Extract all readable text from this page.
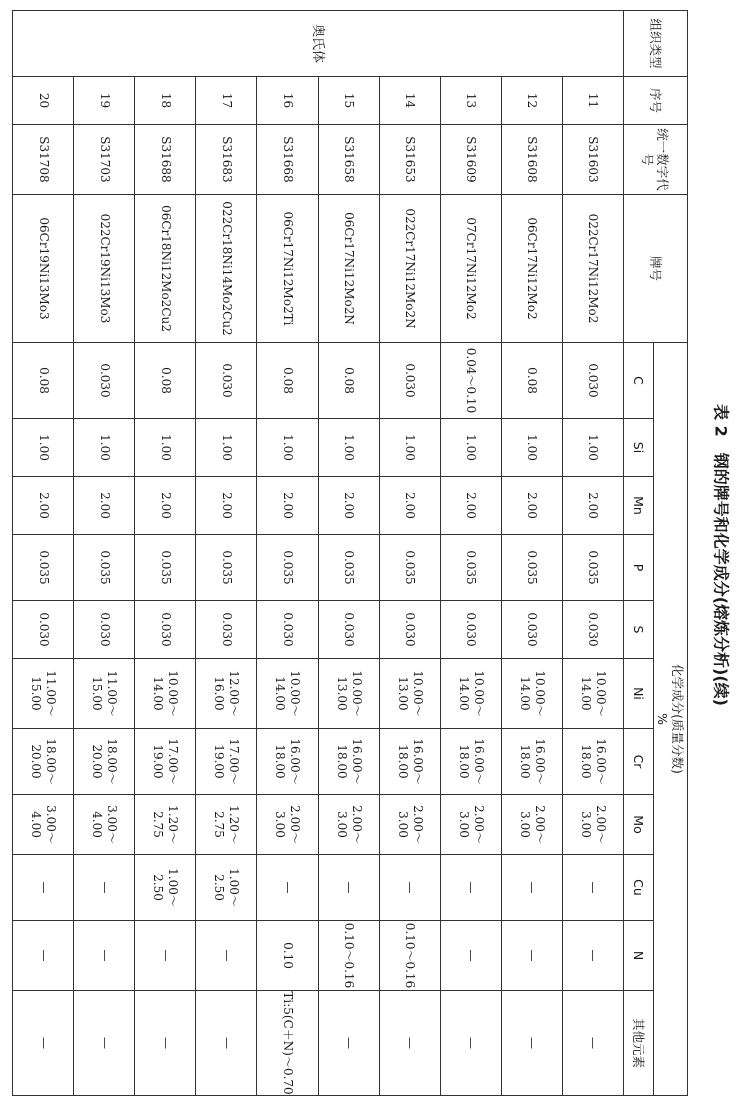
表 2　钢的牌号和化学成分(熔炼分析)(续)
组织类型	序号	统一数字代号	牌号	化学成分(质量分数)
%										
				C	Si	Mn	P	S	Ni	Cr	Mo	Cu	N	其他元素
奥氏体	11	S31603	022Cr17Ni12Mo2	0.030	1.00	2.00	0.035	0.030	10.00～14.00	16.00～18.00	2.00～3.00	—	—	—
	12	S31608	06Cr17Ni12Mo2	0.08	1.00	2.00	0.035	0.030	10.00～14.00	16.00～18.00	2.00～3.00	—	—	—
	13	S31609	07Cr17Ni12Mo2	0.04～0.10	1.00	2.00	0.035	0.030	10.00～14.00	16.00～18.00	2.00～3.00	—	—	—
	14	S31653	022Cr17Ni12Mo2N	0.030	1.00	2.00	0.035	0.030	10.00～13.00	16.00～18.00	2.00～3.00	—	0.10～0.16	—
	15	S31658	06Cr17Ni12Mo2N	0.08	1.00	2.00	0.035	0.030	10.00～13.00	16.00～18.00	2.00～3.00	—	0.10～0.16	—
	16	S31668	06Cr17Ni12Mo2Ti	0.08	1.00	2.00	0.035	0.030	10.00～14.00	16.00～18.00	2.00～3.00	—	0.10	Ti:5(C＋N)～0.70
	17	S31683	022Cr18Ni14Mo2Cu2	0.030	1.00	2.00	0.035	0.030	12.00～16.00	17.00～19.00	1.20～2.75	1.00～2.50	—	—
	18	S31688	06Cr18Ni12Mo2Cu2	0.08	1.00	2.00	0.035	0.030	10.00～14.00	17.00～19.00	1.20～2.75	1.00～2.50	—	—
	19	S31703	022Cr19Ni13Mo3	0.030	1.00	2.00	0.035	0.030	11.00～15.00	18.00～20.00	3.00～4.00	—	—	—
	20	S31708	06Cr19Ni13Mo3	0.08	1.00	2.00	0.035	0.030	11.00～15.00	18.00～20.00	3.00～4.00	—	—	—
